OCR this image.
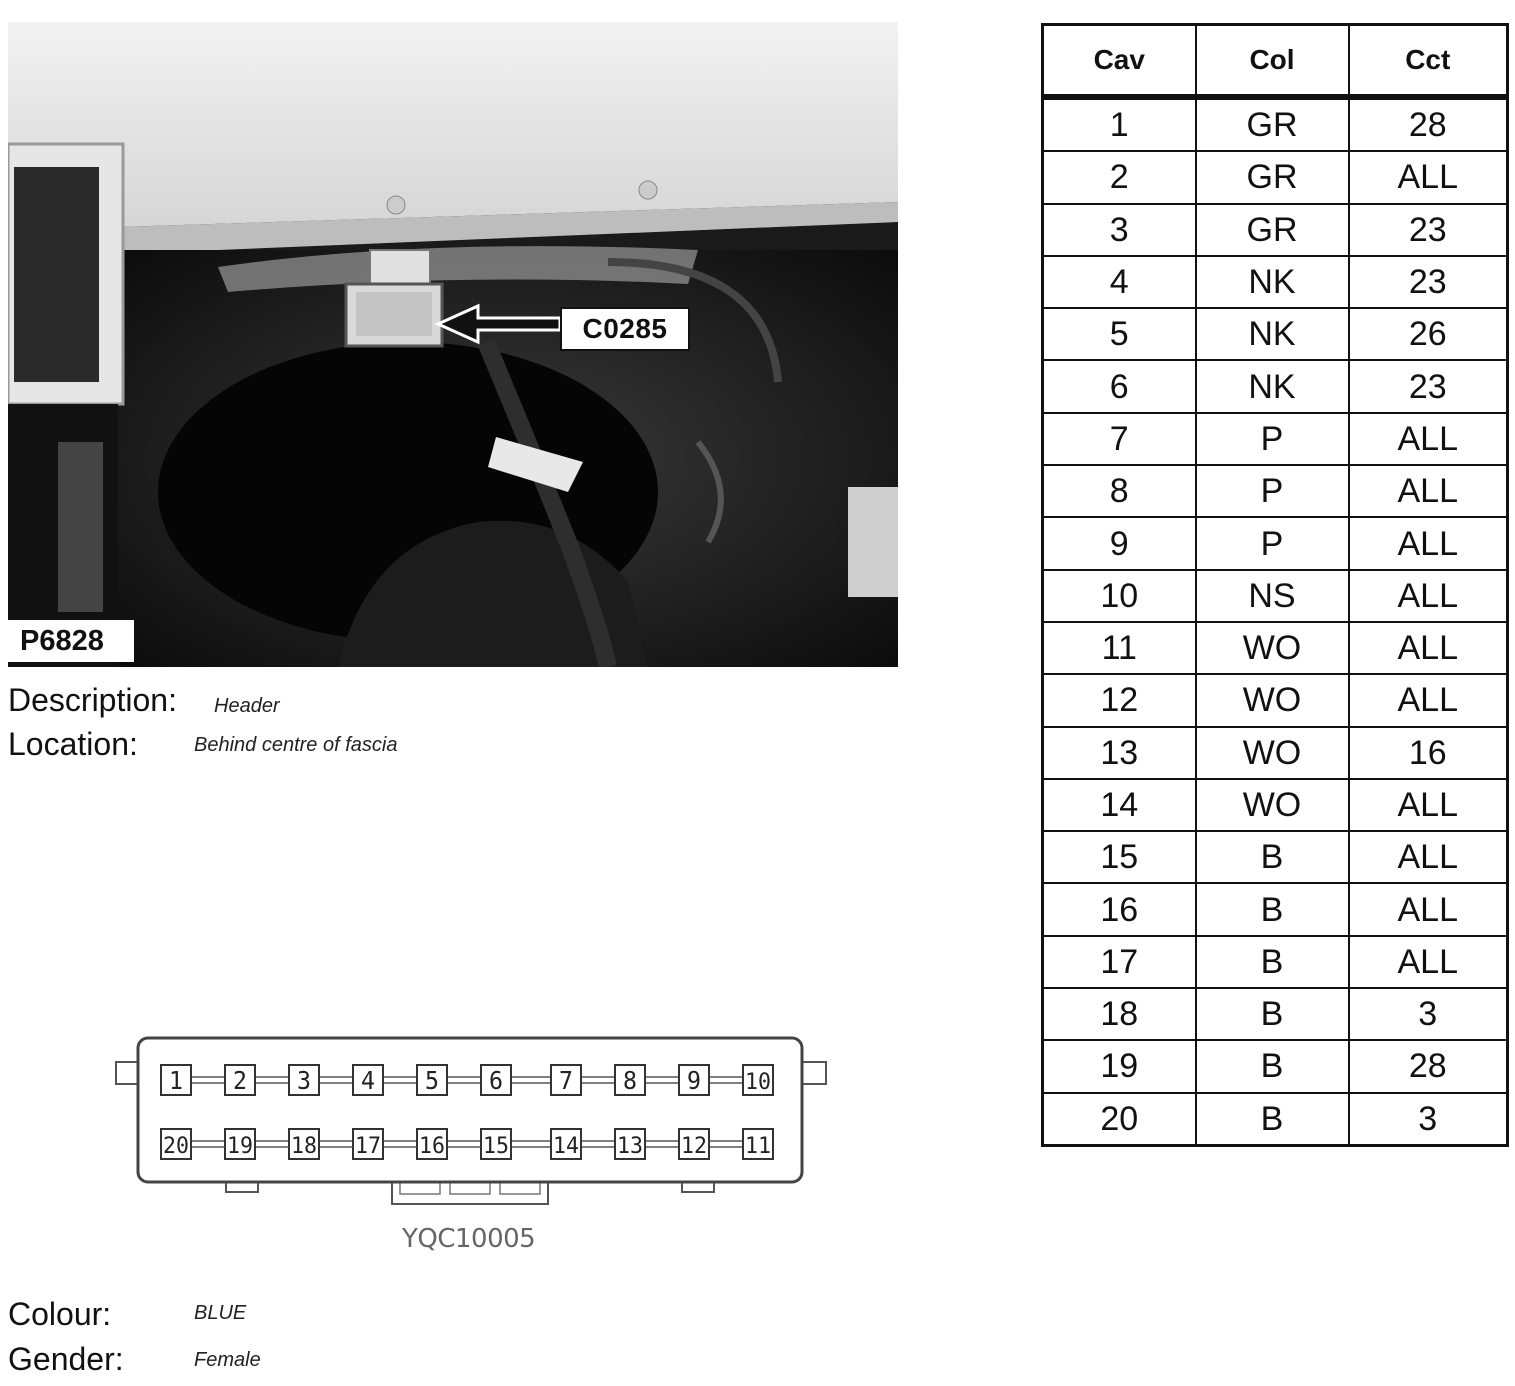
C0285
P6828
Description: Header
Location:	Behind centre of fascia
1 2 3 4 5 6 7 8 9 10
20 19 18 17 16 15 14 13 12 11
YQC10005
Colour:	BLUE
Gender:	Female
Cav	Col	Cct
1	GR	28
2	GR	ALL
3	GR	23
4	NK	23
5	NK	26
6	NK	23
7	P	ALL
8	P	ALL
9	P	ALL
10	NS	ALL
11	WO	ALL
12	WO	ALL
13	WO	16
14	WO	ALL
15	B	ALL
16	B	ALL
17	B	ALL
18	B	3
19	B	28
20	B	3
